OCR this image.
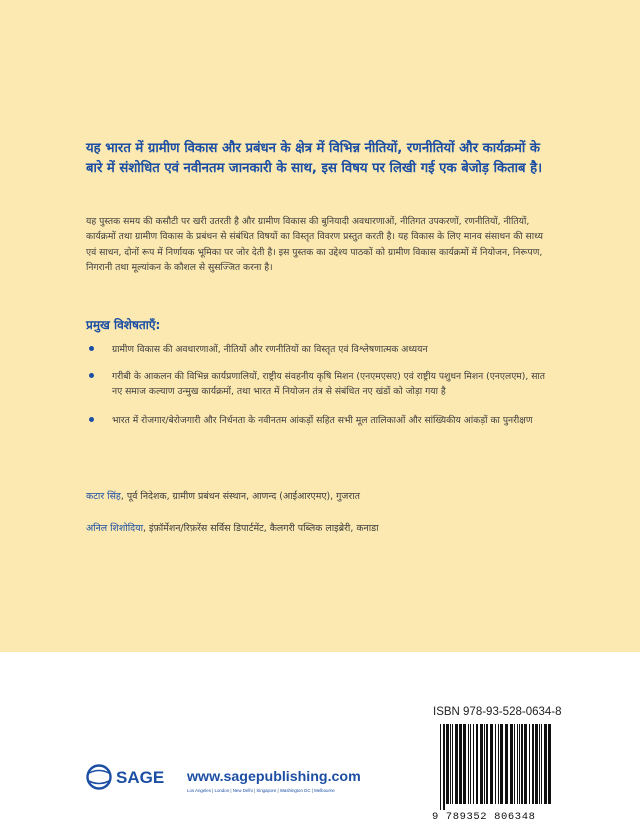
यह भारत में ग्रामीण विकास और प्रबंधन के क्षेत्र में विभिन्न नीतियों, रणनीतियों और कार्यक्रमों के बारे में संशोधित एवं नवीनतम जानकारी के साथ, इस विषय पर लिखी गई एक बेजोड़ किताब है।

यह पुस्तक समय की कसौटी पर खरी उतरती है और ग्रामीण विकास की बुनियादी अवधारणाओं, नीतिगत उपकरणों, रणनीतियों, नीतियों, कार्यक्रमों तथा ग्रामीण विकास के प्रबंधन से संबंधित विषयों का विस्तृत विवरण प्रस्तुत करती है। यह विकास के लिए मानव संसाधन की साध्य एवं साधन, दोनों रूप में निर्णायक भूमिका पर जोर देती है। इस पुस्तक का उद्देश्य पाठकों को ग्रामीण विकास कार्यक्रमों में नियोजन, निरूपण, निगरानी तथा मूल्यांकन के कौशल से सुसज्जित करना है।

प्रमुख विशेषताएँ:

ग्रामीण विकास की अवधारणाओं, नीतियों और रणनीतियों का विस्तृत एवं विश्लेषणात्मक अध्ययन
गरीबी के आकलन की विभिन्न कार्यप्रणालियों, राष्ट्रीय संवहनीय कृषि मिशन (एनएमएसए) एवं राष्ट्रीय पशुधन मिशन (एनएलएम), सात नए समाज कल्याण उन्मुख कार्यक्रमों, तथा भारत में नियोजन तंत्र से संबंधित नए खंडों को जोड़ा गया है
भारत में रोजगार/बेरोजगारी और निर्धनता के नवीनतम आंकड़ों सहित सभी मूल तालिकाओं और सांख्यिकीय आंकड़ों का पुनरीक्षण

कटार सिंह, पूर्व निदेशक, ग्रामीण प्रबंधन संस्थान, आणन्द (आईआरएमए), गुजरात

अनिल शिशोदिया, इंफ़ॉर्मेशन/रिफ़रेंस सर्विस डिपार्टमेंट, कैलगरी पब्लिक लाइब्रेरी, कनाडा

ISBN 978-93-528-0634-8

9 789352 806348

SAGE www.sagepublishing.com

Los Angeles | London | New Delhi | Singapore | Washington DC | Melbourne
